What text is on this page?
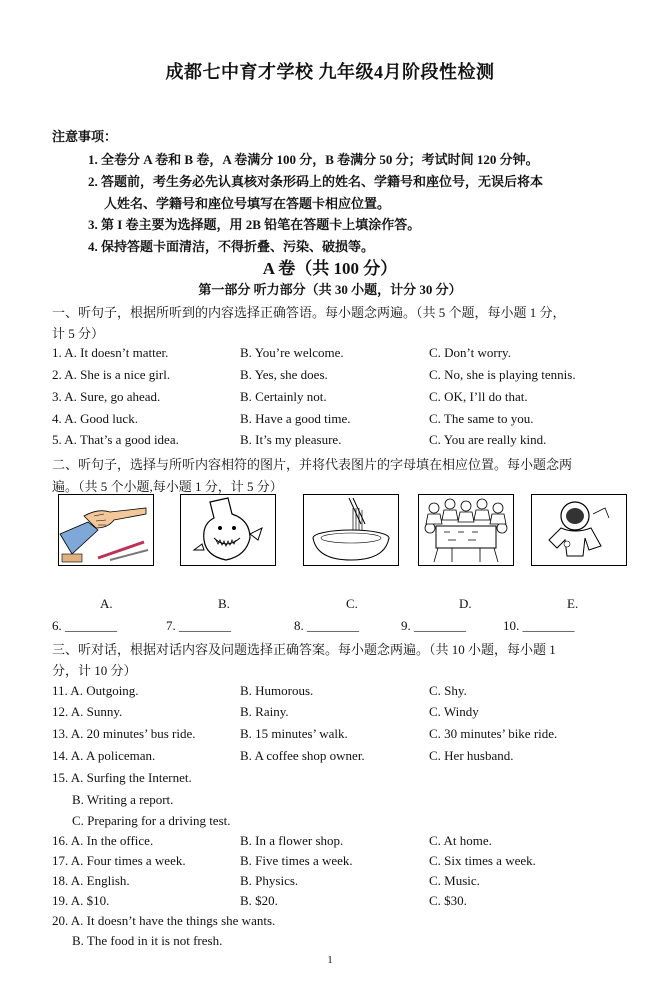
成都七中育才学校 九年级4月阶段性检测
注意事项：
1. 全卷分 A 卷和 B 卷，A 卷满分 100 分，B 卷满分 50 分；考试时间 120 分钟。
2. 答题前，考生务必先认真核对条形码上的姓名、学籍号和座位号，无误后将本
人姓名、学籍号和座位号填写在答题卡相应位置。
3. 第 I 卷主要为选择题，用 2B 铅笔在答题卡上填涂作答。
4. 保持答题卡面清洁，不得折叠、污染、破损等。
A 卷（共 100 分）
第一部分 听力部分（共 30 小题，计分 30 分）
一、听句子，根据所听到的内容选择正确答语。每小题念两遍。（共 5 个题，每小题 1 分，
计 5 分）
1. A. It doesn’t matter.	B. You’re welcome.	C. Don’t worry.
2. A. She is a nice girl.	B. Yes, she does.	C. No, she is playing tennis.
3. A. Sure, go ahead.	B. Certainly not.	C. OK, I’ll do that.
4. A. Good luck.	B. Have a good time.	C. The same to you.
5. A. That’s a good idea.	B. It’s my pleasure.	C. You are really kind.
二、听句子，选择与所听内容相符的图片，并将代表图片的字母填在相应位置。每小题念两
遍。（共 5 个小题,每小题 1 分，计 5 分）
A.	B.	C.	D.	E.
6. ________	7. ________	8. ________	9. ________	10. ________
三、听对话，根据对话内容及问题选择正确答案。每小题念两遍。（共 10 小题，每小题 1
分，计 10 分）
11. A. Outgoing.	B. Humorous.	C. Shy.
12. A. Sunny.	B. Rainy.	C. Windy
13. A. 20 minutes’ bus ride.	B. 15 minutes’ walk.	C. 30 minutes’ bike ride.
14. A. A policeman.	B. A coffee shop owner.	C. Her husband.
15. A. Surfing the Internet.
B. Writing a report.
C. Preparing for a driving test.
16. A. In the office.	B. In a flower shop.	C. At home.
17. A. Four times a week.	B. Five times a week.	C. Six times a week.
18. A. English.	B. Physics.	C. Music.
19. A. $10.	B. $20.	C. $30.
20. A. It doesn’t have the things she wants.
B. The food in it is not fresh.
1
